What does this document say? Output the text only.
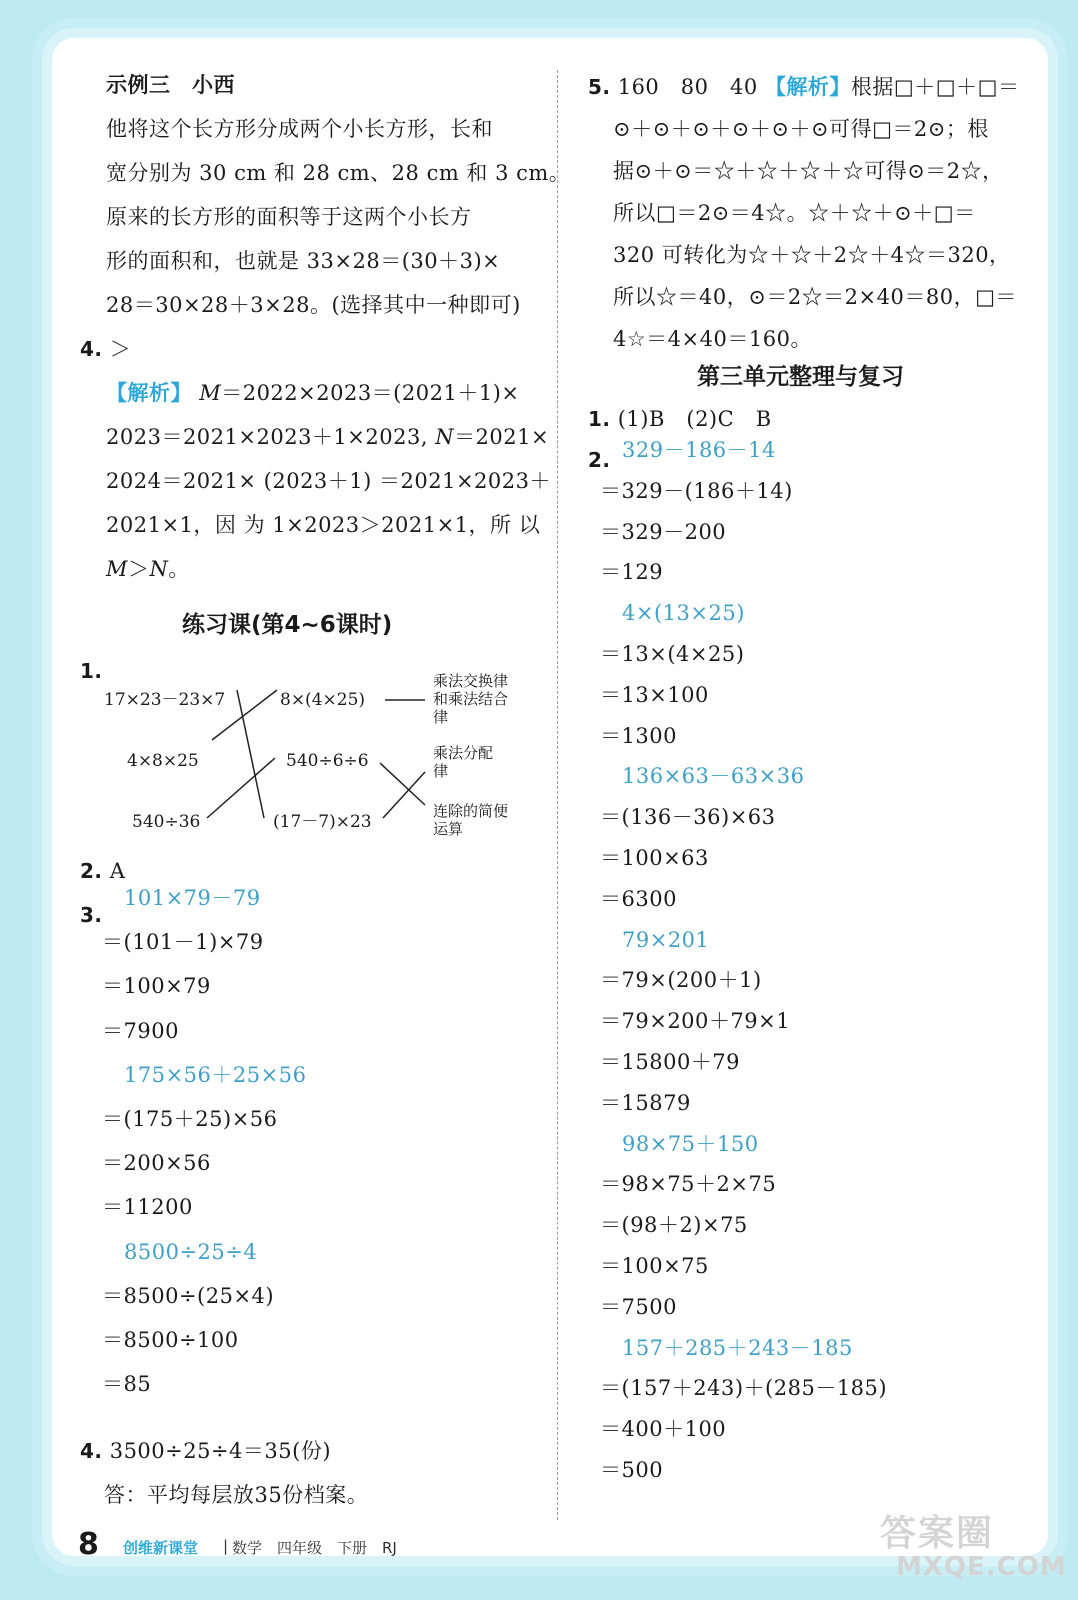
示例三　小西
他将这个长方形分成两个小长方形，长和
宽分别为 30 cm 和 28 cm、28 cm 和 3 cm。
原来的长方形的面积等于这两个小长方
形的面积和，也就是 33×28＝(30＋3)×
28＝30×28＋3×28。(选择其中一种即可)
4. ＞
【解析】 M＝2022×2023＝(2021＋1)×
2023＝2021×2023＋1×2023, N＝2021×
2024＝2021× (2023＋1) ＝2021×2023＋
2021×1，因 为 1×2023＞2021×1，所 以
M＞N。
练习课(第4~6课时)
1.
17×23－23×7
4×8×25
540÷36
8×(4×25)
540÷6÷6
(17－7)×23
乘法交换律和乘法结合律
乘法分配律
连除的简便运算
2. A
3.
101×79－79
＝(101－1)×79
＝100×79
＝7900
175×56＋25×56
＝(175＋25)×56
＝200×56
＝11200
8500÷25÷4
＝8500÷(25×4)
＝8500÷100
＝85
4. 3500÷25÷4＝35(份)
答：平均每层放35份档案。
5. 160　80　40 【解析】根据□＋□＋□＝
⊙＋⊙＋⊙＋⊙＋⊙＋⊙可得□＝2⊙；根
据⊙＋⊙＝☆＋☆＋☆＋☆可得⊙＝2☆，
所以□＝2⊙＝4☆。☆＋☆＋⊙＋□＝
320 可转化为☆＋☆＋2☆＋4☆＝320，
所以☆＝40，⊙＝2☆＝2×40＝80，□＝
4☆＝4×40＝160。
第三单元整理与复习
1. (1)B　(2)C　B
2. 329－186－14
＝329－(186＋14)
＝329－200
＝129
4×(13×25)
＝13×(4×25)
＝13×100
＝1300
136×63－63×36
＝(136－36)×63
＝100×63
＝6300
79×201
＝79×(200＋1)
＝79×200＋79×1
＝15800＋79
＝15879
98×75＋150
＝98×75＋2×75
＝(98＋2)×75
＝100×75
＝7500
157＋285＋243－185
＝(157＋243)＋(285－185)
＝400＋100
＝500
8 创维新课堂 | 数学　四年级　下册　RJ	答案圈
MXQE.COM
